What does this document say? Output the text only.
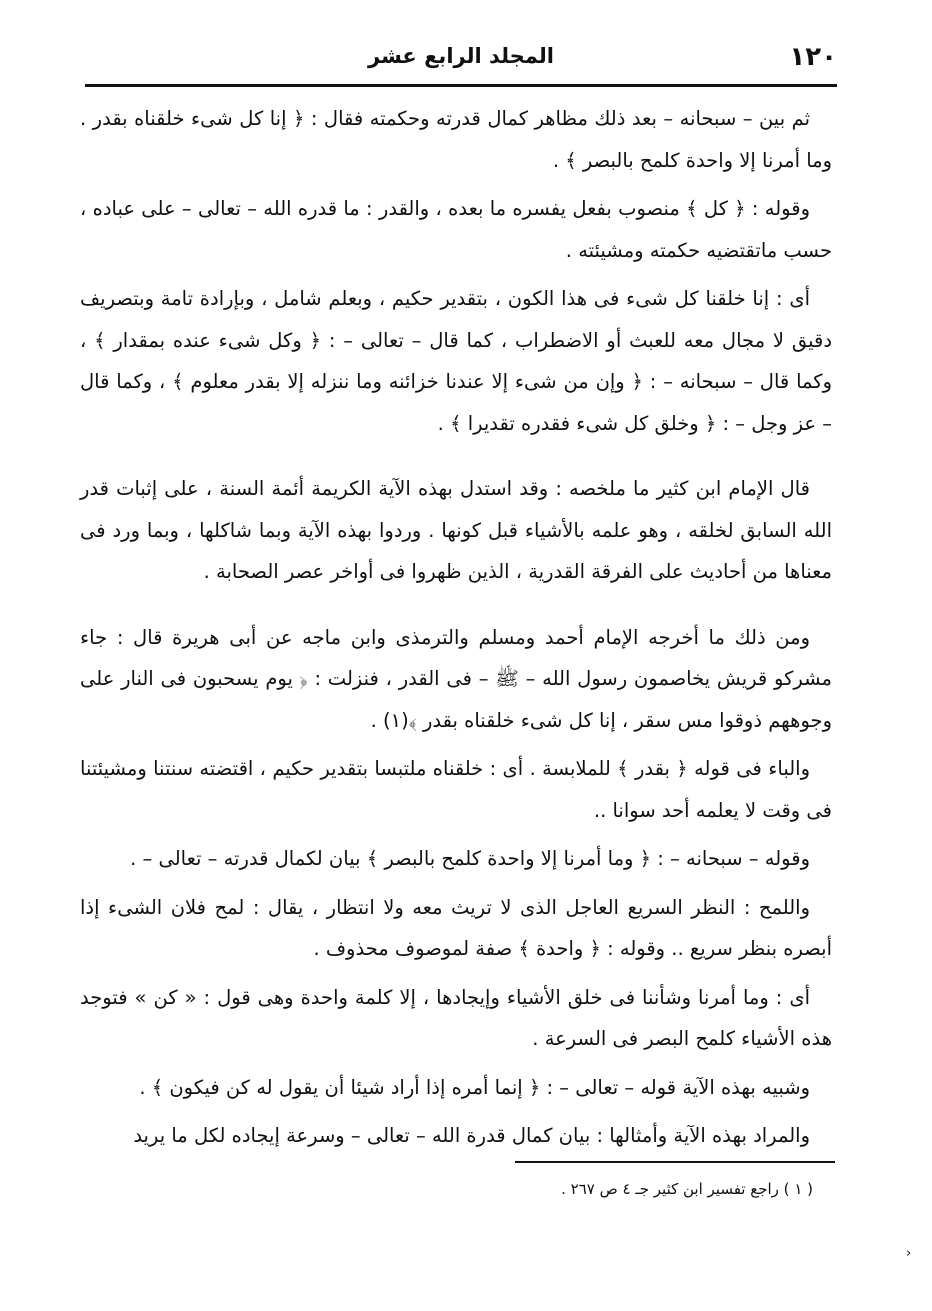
١٢٠
المجلد الرابع عشر

ثم بين – سبحانه – بعد ذلك مظاهر كمال قدرته وحكمته فقال : ﴿ إنا كل شىء خلقناه بقدر . وما أمرنا إلا واحدة كلمح بالبصر ﴾ .

وقوله : ﴿ كل ﴾ منصوب بفعل يفسره ما بعده ، والقدر : ما قدره الله – تعالى – على عباده ، حسب ماتقتضيه حكمته ومشيئته .

أى : إنا خلقنا كل شىء فى هذا الكون ، بتقدير حكيم ، وبعلم شامل ، وبإرادة تامة وبتصريف دقيق لا مجال معه للعبث أو الاضطراب ، كما قال – تعالى – : ﴿ وكل شىء عنده بمقدار ﴾ ، وكما قال – سبحانه – : ﴿ وإن من شىء إلا عندنا خزائنه وما ننزله إلا بقدر معلوم ﴾ ، وكما قال – عز وجل – : ﴿ وخلق كل شىء فقدره تقديرا ﴾ .

قال الإمام ابن كثير ما ملخصه : وقد استدل بهذه الآية الكريمة أئمة السنة ، على إثبات قدر الله السابق لخلقه ، وهو علمه بالأشياء قبل كونها . وردوا بهذه الآية وبما شاكلها ، وبما ورد فى معناها من أحاديث على الفرقة القدرية ، الذين ظهروا فى أواخر عصر الصحابة .

ومن ذلك ما أخرجه الإمام أحمد ومسلم والترمذى وابن ماجه عن أبى هريرة قال : جاء مشركو قريش يخاصمون رسول الله – ﷺ – فى القدر ، فنزلت : ﴿ يوم يسحبون فى النار على وجوههم ذوقوا مس سقر ، إنا كل شىء خلقناه بقدر ﴾(١) .

والباء فى قوله ﴿ بقدر ﴾ للملابسة . أى : خلقناه ملتبسا بتقدير حكيم ، اقتضته سنتنا ومشيئتنا فى وقت لا يعلمه أحد سوانا ..

وقوله – سبحانه – : ﴿ وما أمرنا إلا واحدة كلمح بالبصر ﴾ بيان لكمال قدرته – تعالى – .

واللمح : النظر السريع العاجل الذى لا تريث معه ولا انتظار ، يقال : لمح فلان الشىء إذا أبصره بنظر سريع .. وقوله : ﴿ واحدة ﴾ صفة لموصوف محذوف .

أى : وما أمرنا وشأننا فى خلق الأشياء وإيجادها ، إلا كلمة واحدة وهى قول : « كن » فتوجد هذه الأشياء كلمح البصر فى السرعة .

وشبيه بهذه الآية قوله – تعالى – : ﴿ إنما أمره إذا أراد شيئا أن يقول له كن فيكون ﴾ .

والمراد بهذه الآية وأمثالها : بيان كمال قدرة الله – تعالى – وسرعة إيجاده لكل ما يريد

( ١ ) راجع تفسير ابن كثير جـ ٤ ص ٢٦٧ .
›
